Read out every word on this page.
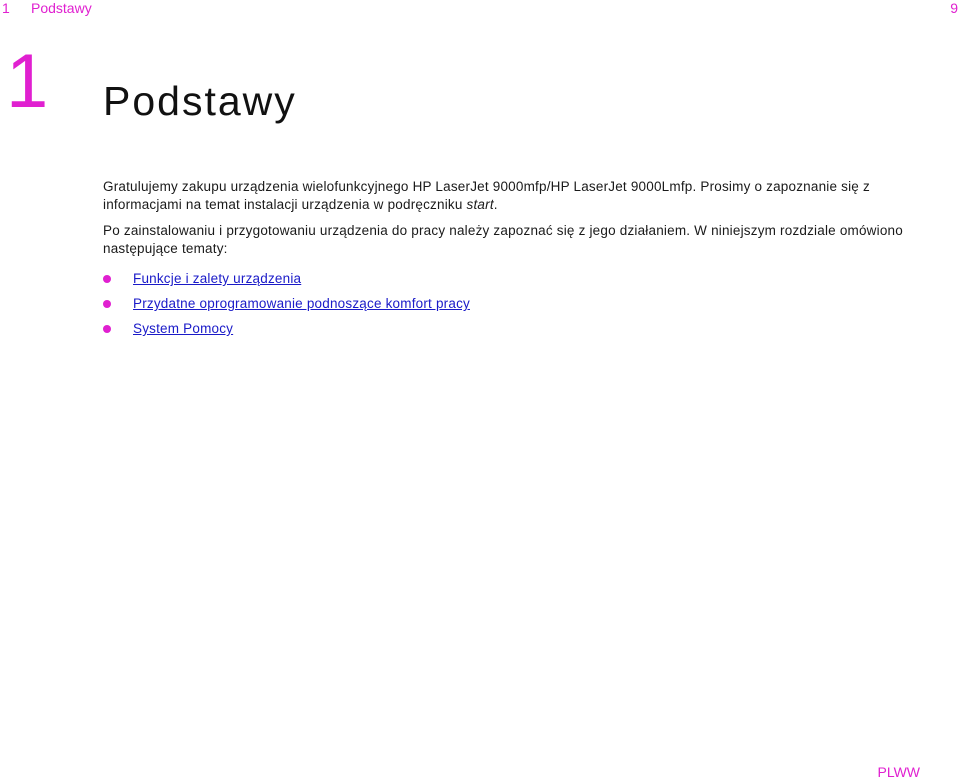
1 Podstawy	9
1 Podstawy

Gratulujemy zakupu urządzenia wielofunkcyjnego HP LaserJet 9000mfp/HP LaserJet 9000Lmfp. Prosimy o zapoznanie się z informacjami na temat instalacji urządzenia w podręczniku start.

Po zainstalowaniu i przygotowaniu urządzenia do pracy należy zapoznać się z jego działaniem. W niniejszym rozdziale omówiono następujące tematy:

Funkcje i zalety urządzenia
Przydatne oprogramowanie podnoszące komfort pracy
System Pomocy
PLWW
